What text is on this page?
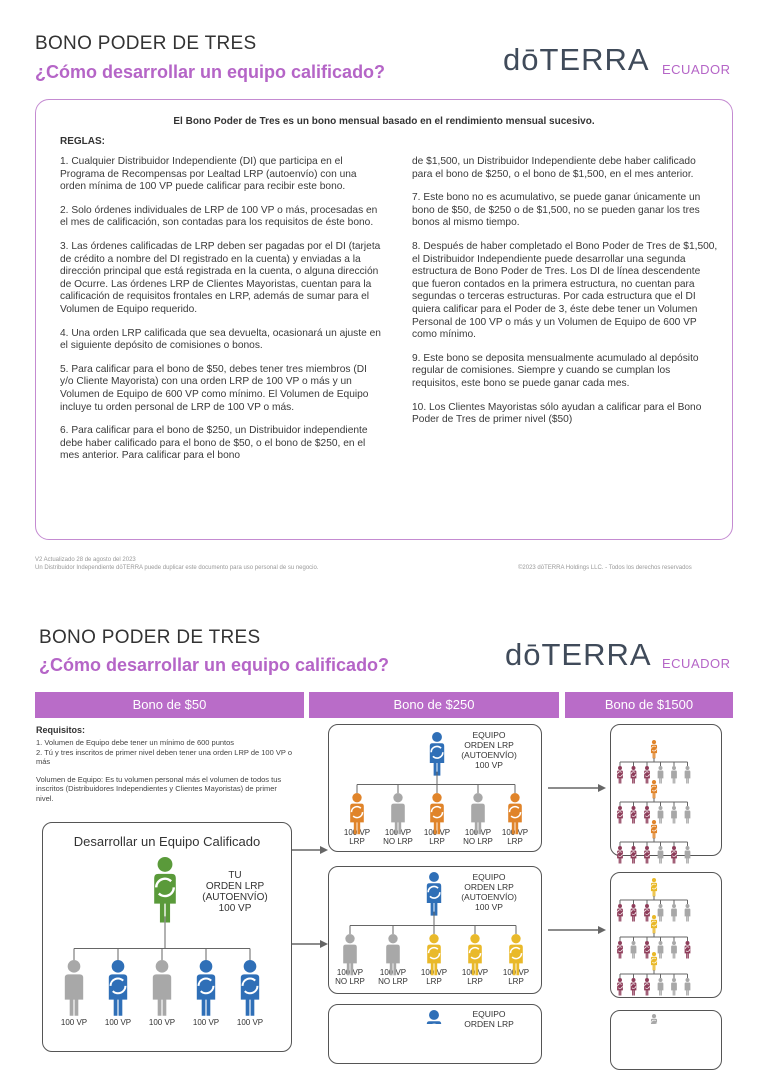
BONO PODER DE TRES
¿Cómo desarrollar un equipo calificado?	dōTERRA ECUADOR
El Bono Poder de Tres es un bono mensual basado en el rendimiento mensual sucesivo.
REGLAS:

1. Cualquier Distribuidor Independiente (DI) que participa en el Programa de Recompensas por Lealtad LRP (autoenvío) con una orden mínima de 100 VP puede calificar para recibir este bono.

2. Solo órdenes individuales de LRP de 100 VP o más, procesadas en el mes de calificación, son contadas para los requisitos de éste bono.

3. Las órdenes calificadas de LRP deben ser pagadas por el DI (tarjeta de crédito a nombre del DI registrado en la cuenta) y enviadas a la dirección principal que está registrada en la cuenta, o alguna dirección de Ocurre. Las órdenes LRP de Clientes Mayoristas, cuentan para la calificación de requisitos frontales en LRP, además de sumar para el Volumen de Equipo requerido.

4. Una orden LRP calificada que sea devuelta, ocasionará un ajuste en el siguiente depósito de comisiones o bonos.

5. Para calificar para el bono de $50, debes tener tres miembros (DI y/o Cliente Mayorista) con una orden LRP de 100 VP o más y un Volumen de Equipo de 600 VP como mínimo. El Volumen de Equipo incluye tu orden personal de LRP de 100 VP o más.

6. Para calificar para el bono de $250, un Distribuidor independiente debe haber calificado para el bono de $50, o el bono de $250, en el mes anterior. Para calificar para el bono

de $1,500, un Distribuidor Independiente debe haber calificado para el bono de $250, o el bono de $1,500, en el mes anterior.

7. Este bono no es acumulativo, se puede ganar únicamente un bono de $50, de $250 o de $1,500, no se pueden ganar los tres bonos al mismo tiempo.

8. Después de haber completado el Bono Poder de Tres de $1,500, el Distribuidor Independiente puede desarrollar una segunda estructura de Bono Poder de Tres. Los DI de línea descendente que fueron contados en la primera estructura, no cuentan para segundas o terceras estructuras. Por cada estructura que el DI quiera calificar para el Poder de 3, éste debe tener un Volumen Personal de 100 VP o más y un Volumen de Equipo de 600 VP como mínimo.

9. Este bono se deposita mensualmente acumulado al depósito regular de comisiones. Siempre y cuando se cumplan los requisitos, este bono se puede ganar cada mes.

10. Los Clientes Mayoristas sólo ayudan a calificar para el Bono Poder de Tres de primer nivel ($50)

V2 Actualizado 28 de agosto del 2023
Un Distribuidor Independiente dōTERRA puede duplicar este documento para uso personal de su negocio.	©2023 dōTERRA Holdings LLC. - Todos los derechos reservados
BONO PODER DE TRES
¿Cómo desarrollar un equipo calificado?	dōTERRA ECUADOR
Bono de $50	Bono de $250	Bono de $1500
Requisitos:
1. Volumen de Equipo debe tener un mínimo de 600 puntos

2. Tú y tres inscritos de primer nivel deben tener una orden LRP de 100 VP o más

Volumen de Equipo: Es tu volumen personal más el volumen de todos tus inscritos (Distribuidores Independientes y Clientes Mayoristas) de primer nivel.

Desarrollar un Equipo Calificado
TU
ORDEN LRP
(AUTOENVÍO)
100 VP
EQUIPO
ORDEN LRP
(AUTOENVÍO)
100 VP
EQUIPO
ORDEN LRP
(AUTOENVÍO)
100 VP
EQUIPO
ORDEN LRP
100 VP
LRP
100 VP
NO LRP
100 VP
LRP
100 VP
NO LRP
100 VP
LRP
100 VP
NO LRP
100 VP
NO LRP
100 VP
LRP
100 VP
LRP
100 VP
LRP
100 VP	100 VP	100 VP	100 VP	100 VP
